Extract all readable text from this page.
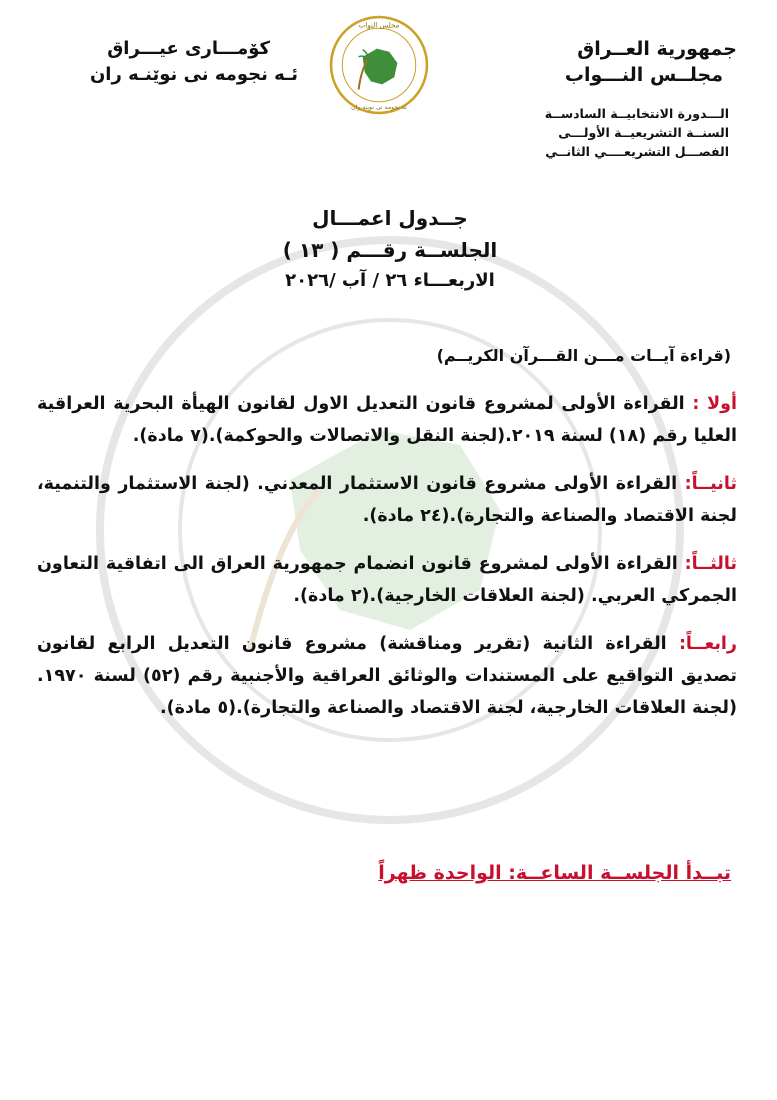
جمهورية العــراق
مجلــس النـــواب
الـــدورة الانتخابيــة السادســة
السنــة التشريعيــة الأولـــى
الفصـــل التشريعــــي الثانــي
كۆمـــارى عيـــراق
ئـه نجومه نى نوێنـه ران
مجلس النواب
ئه نجومه نى نوينه ران
جــدول اعمـــال
الجلســة رقـــم ( ١٣ )
الاربعـــاء ٢٦ / آب /٢٠٢٦
(قراءة آيــات مـــن القـــرآن الكريــم)
أولا : القراءة الأولى لمشروع قانون التعديل الاول لقانون الهيأة البحرية العراقية العليا رقم (١٨) لسنة ٢٠١٩.(لجنة النقل والاتصالات والحوكمة).(٧ مادة).
ثانيــاً: القراءة الأولى مشروع قانون الاستثمار المعدني. (لجنة الاستثمار والتنمية، لجنة الاقتصاد والصناعة والتجارة).(٢٤ مادة).
ثالثــاً: القراءة الأولى لمشروع قانون انضمام جمهورية العراق الى اتفاقية التعاون الجمركي العربي. (لجنة العلاقات الخارجية).(٢ مادة).
رابعــاً: القراءة الثانية (تقرير ومناقشة) مشروع قانون التعديل الرابع لقانون تصديق التواقيع على المستندات والوثائق العراقية والأجنبية رقم (٥٢) لسنة ١٩٧٠. (لجنة العلاقات الخارجية، لجنة الاقتصاد والصناعة والتجارة).(٥ مادة).
تبــدأ الجلســة الساعــة: الواحدة ظهراً
